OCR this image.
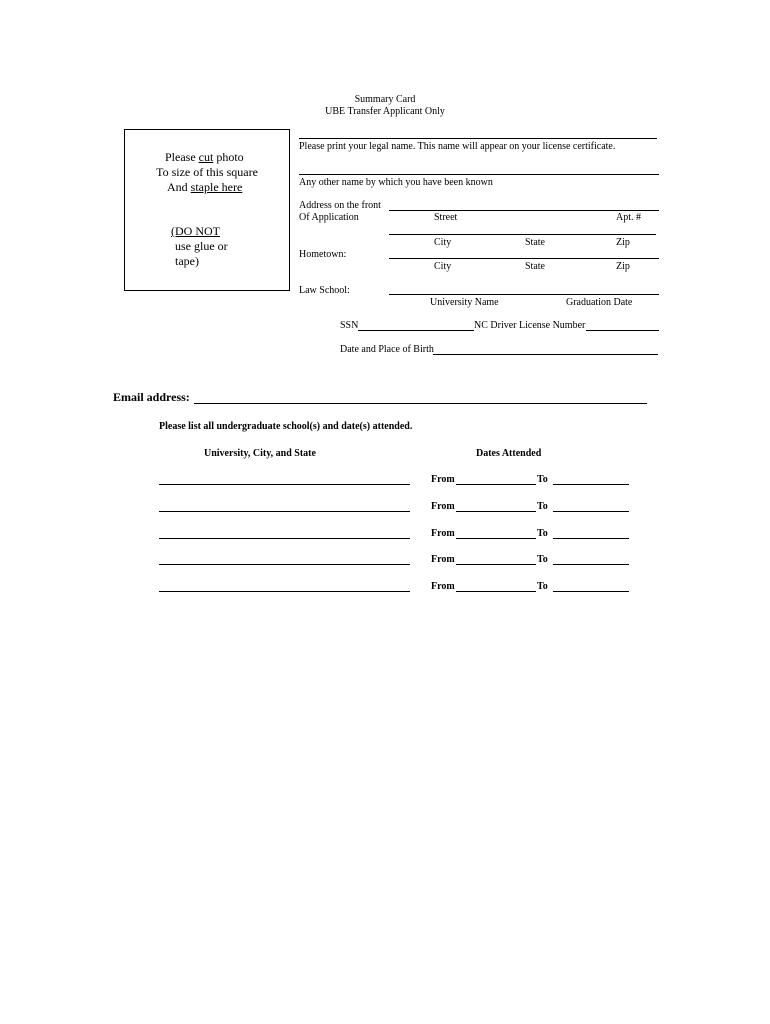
Summary Card
UBE Transfer Applicant Only
Please cut photo
To size of this square
And staple here
(DO NOT
use glue or
tape)
Please print your legal name. This name will appear on your license certificate.
Any other name by which you have been known
Address on the front
Of Application	Street	Apt. #
City	State	Zip
Hometown:
City	State	Zip
Law School:
University Name	Graduation Date
SSN	NC Driver License Number
Date and Place of Birth
Email address:
Please list all undergraduate school(s) and date(s) attended.
University, City, and State	Dates Attended
From	To
From	To
From	To
From	To
From	To
